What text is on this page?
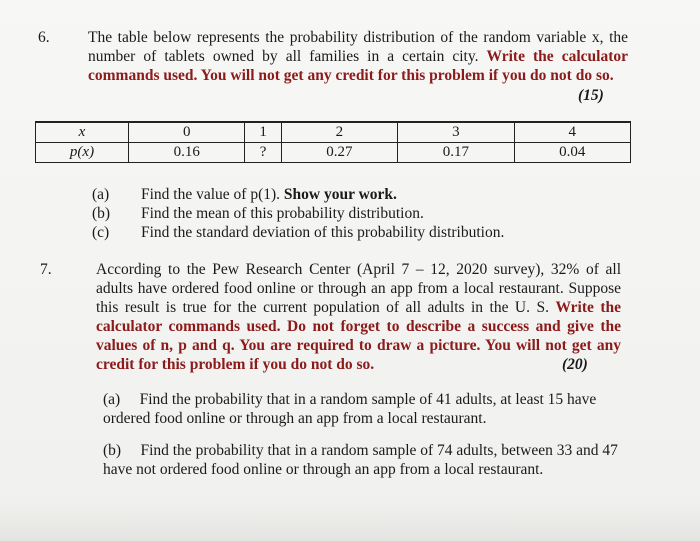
6. The table below represents the probability distribution of the random variable x, the number of tablets owned by all families in a certain city. Write the calculator commands used. You will not get any credit for this problem if you do not do so.
(15)
x	0	1	2	3	4
p(x)	0.16	?	0.27	0.17	0.04
(a) Find the value of p(1). Show your work.
(b) Find the mean of this probability distribution.
(c) Find the standard deviation of this probability distribution.
7.	According to the Pew Research Center (April 7 – 12, 2020 survey), 32% of all adults have ordered food online or through an app from a local restaurant. Suppose this result is true for the current population of all adults in the U. S. Write the calculator commands used. Do not forget to describe a success and give the values of n, p and q. You are required to draw a picture. You will not get any credit for this problem if you do not do so.	(20)
(a) Find the probability that in a random sample of 41 adults, at least 15 have ordered food online or through an app from a local restaurant.
(b) Find the probability that in a random sample of 74 adults, between 33 and 47 have not ordered food online or through an app from a local restaurant.
